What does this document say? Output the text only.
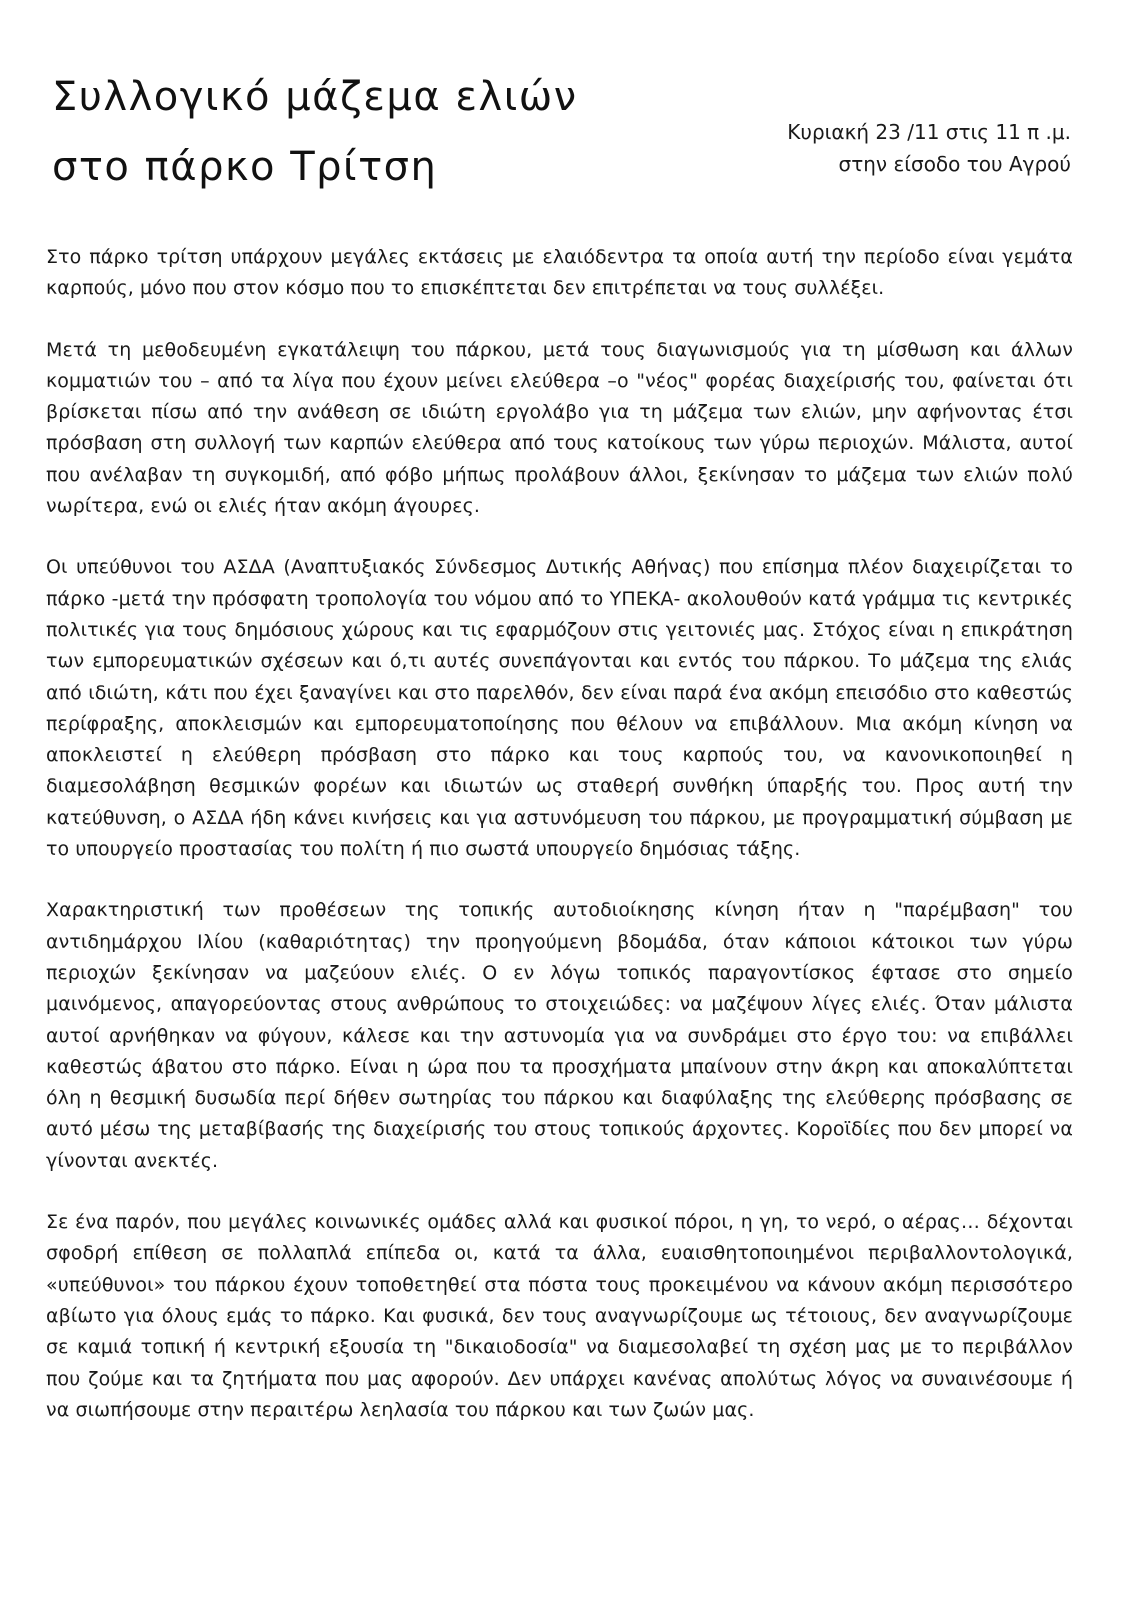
Συλλογικό μάζεμα ελιών
στο πάρκο Τρίτση
Κυριακή 23 /11 στις 11 π .μ.
στην είσοδο του Αγρού

Στο πάρκο τρίτση υπάρχουν μεγάλες εκτάσεις με ελαιόδεντρα τα οποία αυτή την περίοδο είναι γεμάτα καρπούς, μόνο που στον κόσμο που το επισκέπτεται δεν επιτρέπεται να τους συλλέξει.

Μετά τη μεθοδευμένη εγκατάλειψη του πάρκου, μετά τους διαγωνισμούς για τη μίσθωση και άλλων κομματιών του – από τα λίγα που έχουν μείνει ελεύθερα –ο "νέος" φορέας διαχείρισής του, φαίνεται ότι βρίσκεται πίσω από την ανάθεση σε ιδιώτη εργολάβο για τη μάζεμα των ελιών, μην αφήνοντας έτσι πρόσβαση στη συλλογή των καρπών ελεύθερα από τους κατοίκους των γύρω περιοχών. Μάλιστα, αυτοί που ανέλαβαν τη συγκομιδή, από φόβο μήπως προλάβουν άλλοι, ξεκίνησαν το μάζεμα των ελιών πολύ νωρίτερα, ενώ οι ελιές ήταν ακόμη άγουρες.

Οι υπεύθυνοι του ΑΣΔΑ (Αναπτυξιακός Σύνδεσμος Δυτικής Αθήνας) που επίσημα πλέον διαχειρίζεται το πάρκο -μετά την πρόσφατη τροπολογία του νόμου από το ΥΠΕΚΑ- ακολουθούν κατά γράμμα τις κεντρικές πολιτικές για τους δημόσιους χώρους και τις εφαρμόζουν στις γειτονιές μας. Στόχος είναι η επικράτηση των εμπορευματικών σχέσεων και ό,τι αυτές συνεπάγονται και εντός του πάρκου. Το μάζεμα της ελιάς από ιδιώτη, κάτι που έχει ξαναγίνει και στο παρελθόν, δεν είναι παρά ένα ακόμη επεισόδιο στο καθεστώς περίφραξης, αποκλεισμών και εμπορευματοποίησης που θέλουν να επιβάλλουν. Μια ακόμη κίνηση να αποκλειστεί η ελεύθερη πρόσβαση στο πάρκο και τους καρπούς του, να κανονικοποιηθεί η διαμεσολάβηση θεσμικών φορέων και ιδιωτών ως σταθερή συνθήκη ύπαρξής του. Προς αυτή την κατεύθυνση, ο ΑΣΔΑ ήδη κάνει κινήσεις και για αστυνόμευση του πάρκου, με προγραμματική σύμβαση με το υπουργείο προστασίας του πολίτη ή πιο σωστά υπουργείο δημόσιας τάξης.

Χαρακτηριστική των προθέσεων της τοπικής αυτοδιοίκησης κίνηση ήταν η "παρέμβαση" του αντιδημάρχου Ιλίου (καθαριότητας) την προηγούμενη βδομάδα, όταν κάποιοι κάτοικοι των γύρω περιοχών ξεκίνησαν να μαζεύουν ελιές. Ο εν λόγω τοπικός παραγοντίσκος έφτασε στο σημείο μαινόμενος, απαγορεύοντας στους ανθρώπους το στοιχειώδες: να μαζέψουν λίγες ελιές. Όταν μάλιστα αυτοί αρνήθηκαν να φύγουν, κάλεσε και την αστυνομία για να συνδράμει στο έργο του: να επιβάλλει καθεστώς άβατου στο πάρκο. Είναι η ώρα που τα προσχήματα μπαίνουν στην άκρη και αποκαλύπτεται όλη η θεσμική δυσωδία περί δήθεν σωτηρίας του πάρκου και διαφύλαξης της ελεύθερης πρόσβασης σε αυτό μέσω της μεταβίβασής της διαχείρισής του στους τοπικούς άρχοντες. Κοροϊδίες που δεν μπορεί να γίνονται ανεκτές.

Σε ένα παρόν, που μεγάλες κοινωνικές ομάδες αλλά και φυσικοί πόροι, η γη, το νερό, ο αέρας… δέχονται σφοδρή επίθεση σε πολλαπλά επίπεδα οι, κατά τα άλλα, ευαισθητοποιημένοι περιβαλλοντολογικά, «υπεύθυνοι» του πάρκου έχουν τοποθετηθεί στα πόστα τους προκειμένου να κάνουν ακόμη περισσότερο αβίωτο για όλους εμάς το πάρκο. Και φυσικά, δεν τους αναγνωρίζουμε ως τέτοιους, δεν αναγνωρίζουμε σε καμιά τοπική ή κεντρική εξουσία τη "δικαιοδοσία" να διαμεσολαβεί τη σχέση μας με το περιβάλλον που ζούμε και τα ζητήματα που μας αφορούν. Δεν υπάρχει κανένας απολύτως λόγος να συναινέσουμε ή να σιωπήσουμε στην περαιτέρω λεηλασία του πάρκου και των ζωών μας.
